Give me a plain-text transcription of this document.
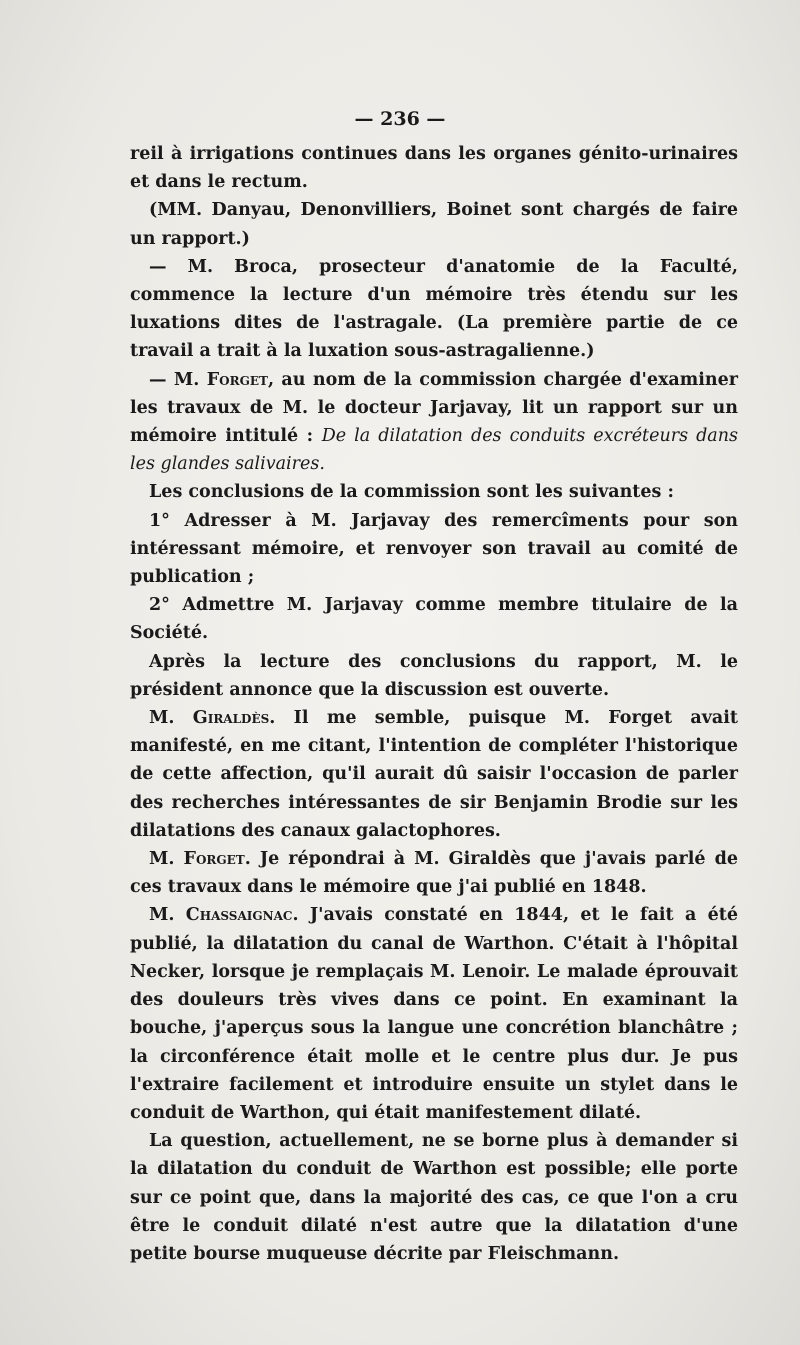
— 236 —

reil à irrigations continues dans les organes génito-urinaires et dans le rectum.

(MM. Danyau, Denonvilliers, Boinet sont chargés de faire un rapport.)

— M. Broca, prosecteur d'anatomie de la Faculté, commence la lecture d'un mémoire très étendu sur les luxations dites de l'astragale. (La première partie de ce travail a trait à la luxation sous-astragalienne.)

— M. Forget, au nom de la commission chargée d'examiner les travaux de M. le docteur Jarjavay, lit un rapport sur un mémoire intitulé : De la dilatation des conduits excréteurs dans les glandes salivaires.

Les conclusions de la commission sont les suivantes :

1° Adresser à M. Jarjavay des remercîments pour son intéressant mémoire, et renvoyer son travail au comité de publication ;

2° Admettre M. Jarjavay comme membre titulaire de la Société.

Après la lecture des conclusions du rapport, M. le président annonce que la discussion est ouverte.

M. Giraldès. Il me semble, puisque M. Forget avait manifesté, en me citant, l'intention de compléter l'historique de cette affection, qu'il aurait dû saisir l'occasion de parler des recherches intéressantes de sir Benjamin Brodie sur les dilatations des canaux galactophores.

M. Forget. Je répondrai à M. Giraldès que j'avais parlé de ces travaux dans le mémoire que j'ai publié en 1848.

M. Chassaignac. J'avais constaté en 1844, et le fait a été publié, la dilatation du canal de Warthon. C'était à l'hôpital Necker, lorsque je remplaçais M. Lenoir. Le malade éprouvait des douleurs très vives dans ce point. En examinant la bouche, j'aperçus sous la langue une concrétion blanchâtre ; la circonférence était molle et le centre plus dur. Je pus l'extraire facilement et introduire ensuite un stylet dans le conduit de Warthon, qui était manifestement dilaté.

La question, actuellement, ne se borne plus à demander si la dilatation du conduit de Warthon est possible; elle porte sur ce point que, dans la majorité des cas, ce que l'on a cru être le conduit dilaté n'est autre que la dilatation d'une petite bourse muqueuse décrite par Fleischmann.
